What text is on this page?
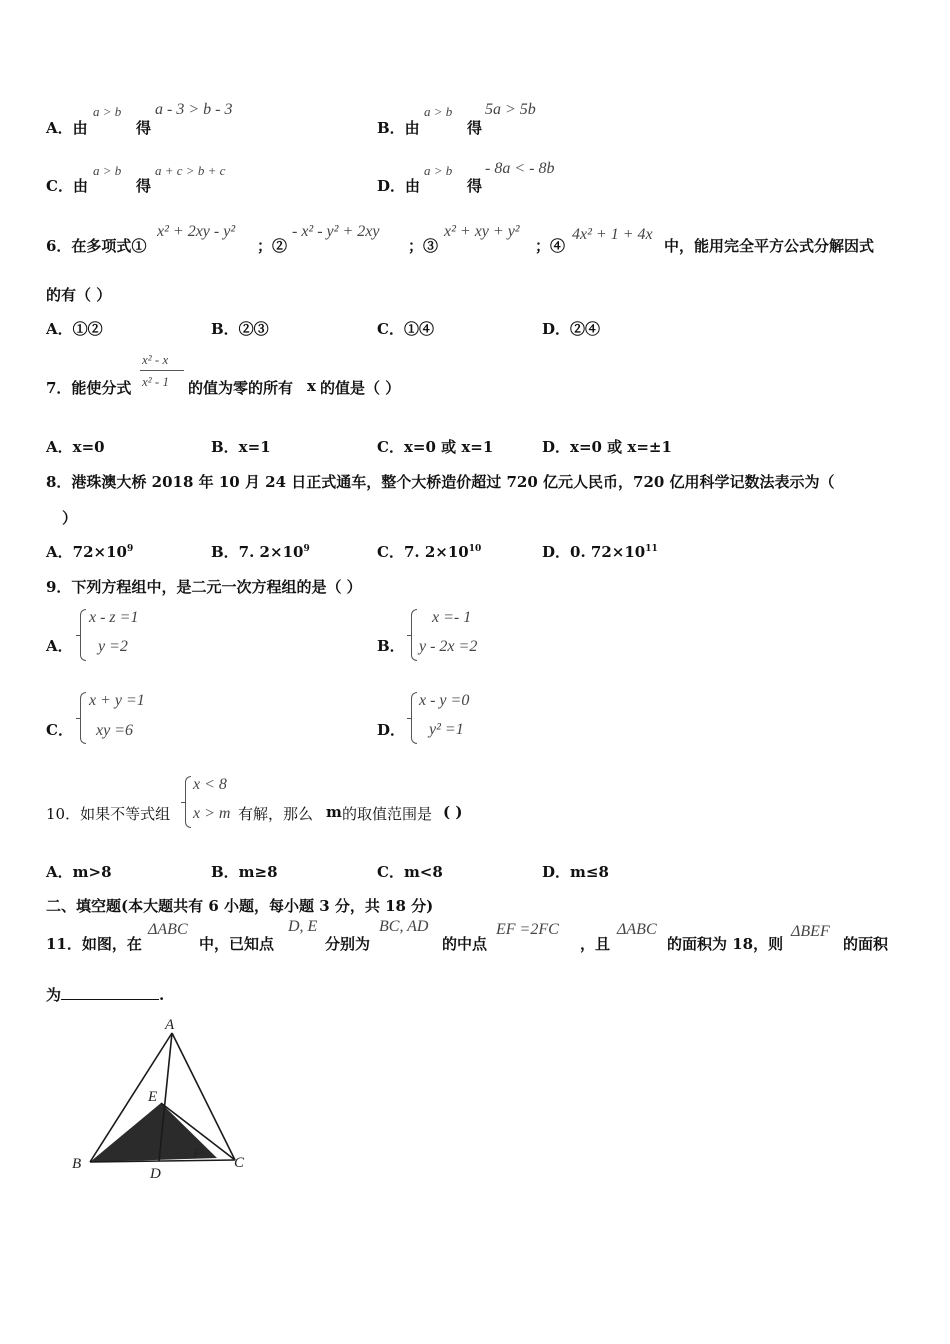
A．由
a > b
得
a - 3 > b - 3
B．由
a > b
得
5a > 5b
C．由
a > b
得
a + c > b + c
D．由
a > b
得
- 8a < - 8b
6．在多项式①
x² + 2xy - y²
；②
- x² - y² + 2xy
；③
x² + xy + y²
；④
4x² + 1 + 4x
中，能用完全平方公式分解因式
的有（ ）
A．①②	B．②③	C．①④	D．②④
7．能使分式
x² - x
x² - 1 的值为零的所有 x 的值是（ ）
A．x=0	B．x=1	C．x=0 或 x=1	D．x=0 或 x=±1
8．港珠澳大桥 2018 年 10 月 24 日正式通车，整个大桥造价超过 720 亿元人民币，720 亿用科学记数法表示为（
）
A．$72\times 10^9$	B．7. $2\times 10^9$	C．7. $2\times 10^{10}$	D．0. $72\times 10^{11}$
9．下列方程组中，是二元一次方程组的是（ ）
A．
x - z =1
y =2	B．
x =- 1
y - 2x =2
C．
x + y =1
xy =6	D．
x - y =0
y² =1
10．如果不等式组
x < 8
x > m 有解，那么 m 的取值范围是 ( )
A．m>8	B．m≥8	C．m<8	D．m≤8
二、填空题(本大题共有 6 小题，每小题 3 分，共 18 分)
11．如图，在
ΔABC
中，已知点
D, E
分别为
BC, AD
的中点
EF =2FC
，且
ΔABC
的面积为 18，则
ΔBEF
的面积
为	.
A
B	C
D
E
F
